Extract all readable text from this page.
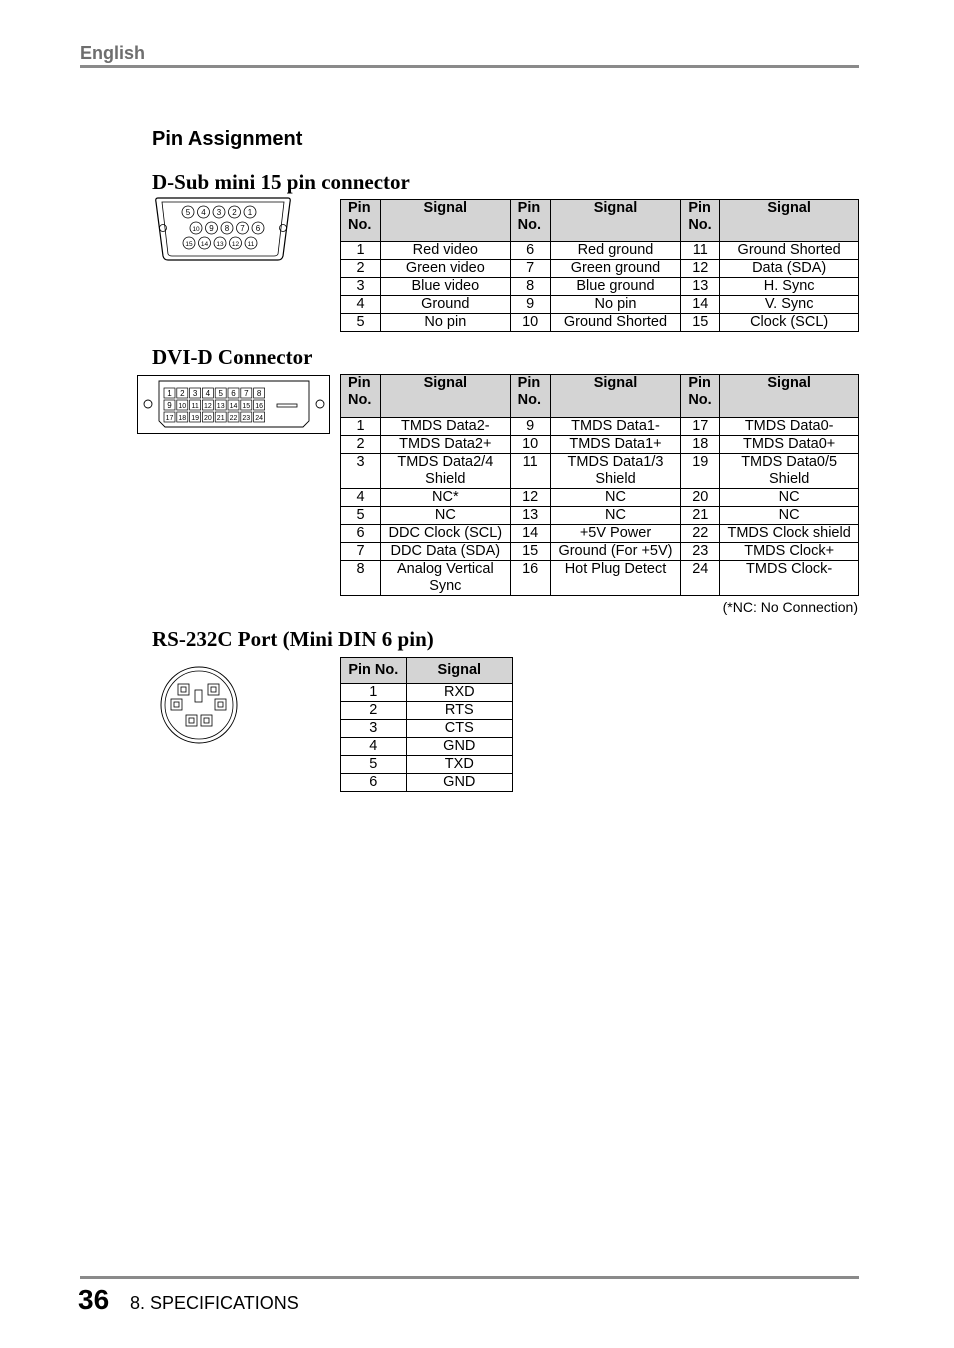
English
Pin Assignment
D-Sub mini 15 pin connector
5 4 3 2 1
10 9 8 7 6
15 14 13 12 11
Pin No.	Signal	Pin No.	Signal	Pin No.	Signal
1	Red video	6	Red ground	11	Ground Shorted
2	Green video	7	Green ground	12	Data (SDA)
3	Blue video	8	Blue ground	13	H. Sync
4	Ground	9	No pin	14	V. Sync
5	No pin	10	Ground Shorted	15	Clock (SCL)
DVI-D Connector
1 2 3 4 5 6 7 8
9 10 11 12 13 14 15 16
17 18 19 20 21 22 23 24
Pin No.	Signal	Pin No.	Signal	Pin No.	Signal
1	TMDS Data2-	9	TMDS Data1-	17	TMDS Data0-
2	TMDS Data2+	10	TMDS Data1+	18	TMDS Data0+
3	TMDS Data2/4 Shield	11	TMDS Data1/3 Shield	19	TMDS Data0/5 Shield
4	NC*	12	NC	20	NC
5	NC	13	NC	21	NC
6	DDC Clock (SCL)	14	+5V Power	22	TMDS Clock shield
7	DDC Data (SDA)	15	Ground (For +5V)	23	TMDS Clock+
8	Analog Vertical Sync	16	Hot Plug Detect	24	TMDS Clock-
(*NC: No Connection)
RS-232C Port (Mini DIN 6 pin)
Pin No.	Signal
1	RXD
2	RTS
3	CTS
4	GND
5	TXD
6	GND
36 8. SPECIFICATIONS
